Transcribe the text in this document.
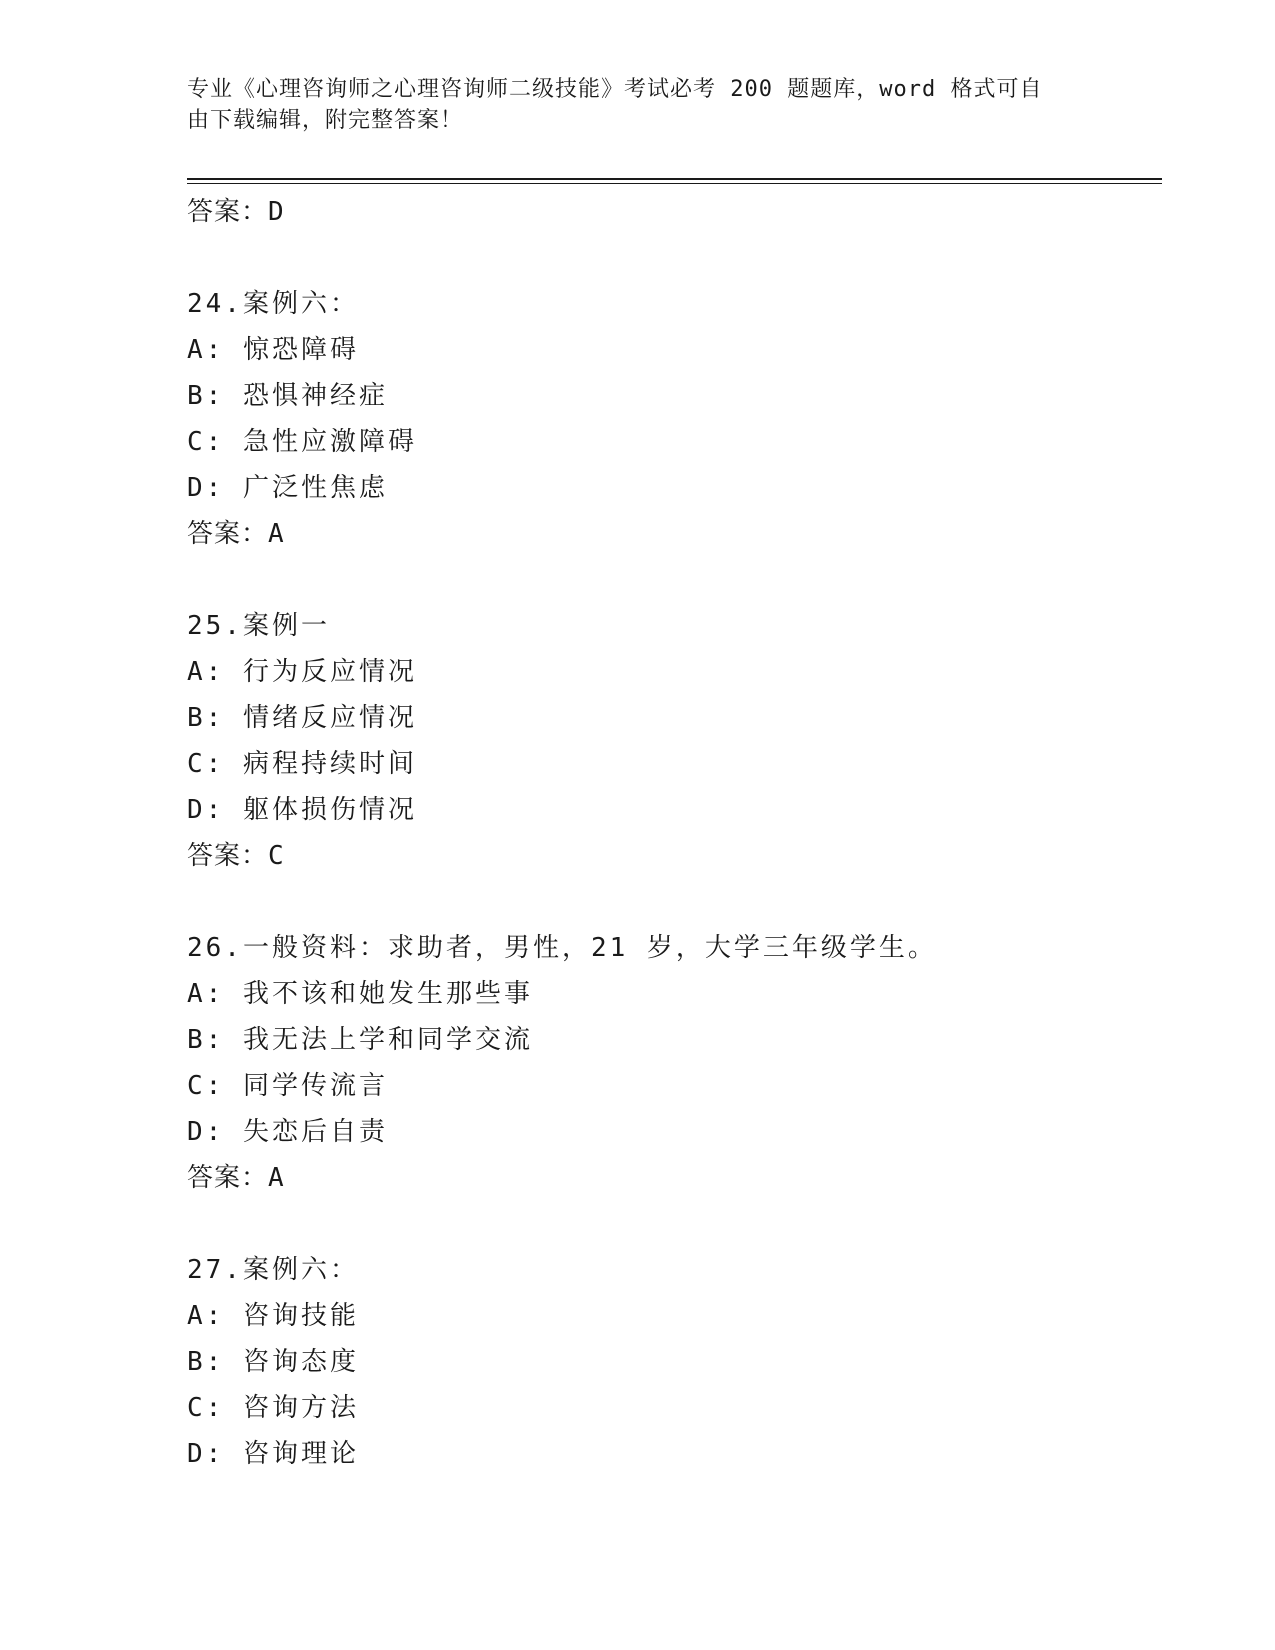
专业《心理咨询师之心理咨询师二级技能》考试必考 200 题题库，word 格式可自
由下载编辑，附完整答案！
答案：D
24.案例六：
A: 惊恐障碍
B: 恐惧神经症
C: 急性应激障碍
D: 广泛性焦虑
答案：A
25.案例一
A: 行为反应情况
B: 情绪反应情况
C: 病程持续时间
D: 躯体损伤情况
答案：C
26.一般资料：求助者，男性，21 岁，大学三年级学生。
A: 我不该和她发生那些事
B: 我无法上学和同学交流
C: 同学传流言
D: 失恋后自责
答案：A
27.案例六：
A: 咨询技能
B: 咨询态度
C: 咨询方法
D: 咨询理论
